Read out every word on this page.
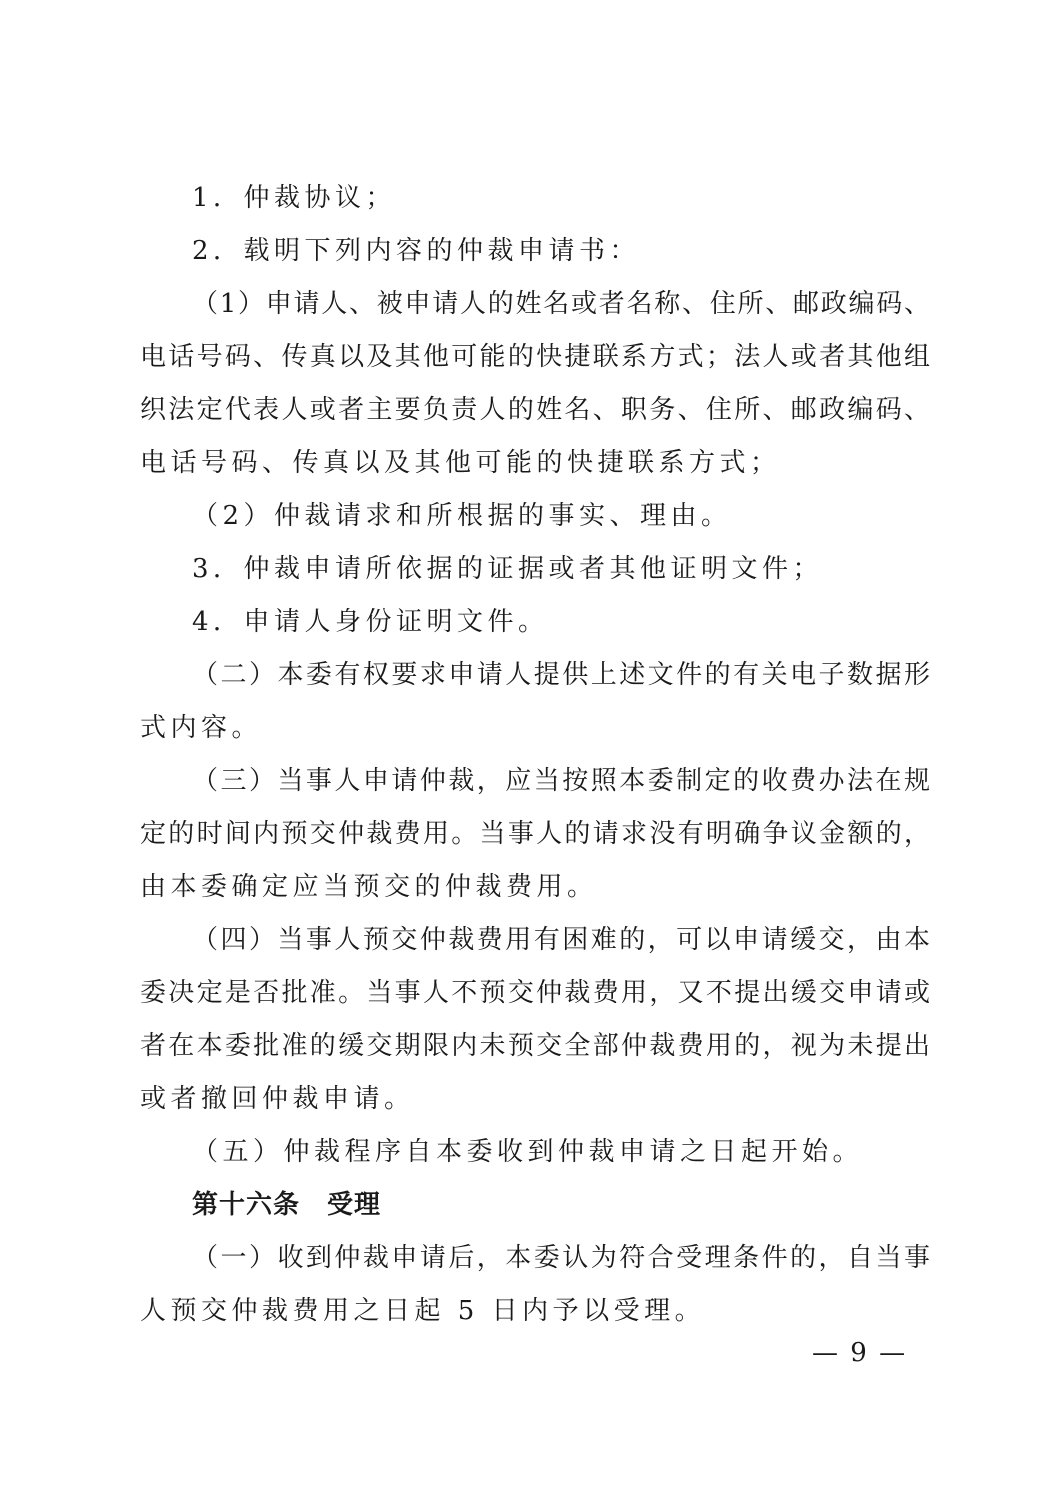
1．仲裁协议；
2．载明下列内容的仲裁申请书：
（1）申请人、被申请人的姓名或者名称、住所、邮政编码、
电话号码、传真以及其他可能的快捷联系方式；法人或者其他组
织法定代表人或者主要负责人的姓名、职务、住所、邮政编码、
电话号码、传真以及其他可能的快捷联系方式；
（2）仲裁请求和所根据的事实、理由。
3．仲裁申请所依据的证据或者其他证明文件；
4．申请人身份证明文件。
（二）本委有权要求申请人提供上述文件的有关电子数据形
式内容。
（三）当事人申请仲裁，应当按照本委制定的收费办法在规
定的时间内预交仲裁费用。当事人的请求没有明确争议金额的，
由本委确定应当预交的仲裁费用。
（四）当事人预交仲裁费用有困难的，可以申请缓交，由本
委决定是否批准。当事人不预交仲裁费用，又不提出缓交申请或
者在本委批准的缓交期限内未预交全部仲裁费用的，视为未提出
或者撤回仲裁申请。
（五）仲裁程序自本委收到仲裁申请之日起开始。
第十六条　受理
（一）收到仲裁申请后，本委认为符合受理条件的，自当事
人预交仲裁费用之日起 5 日内予以受理。
— 9 —
